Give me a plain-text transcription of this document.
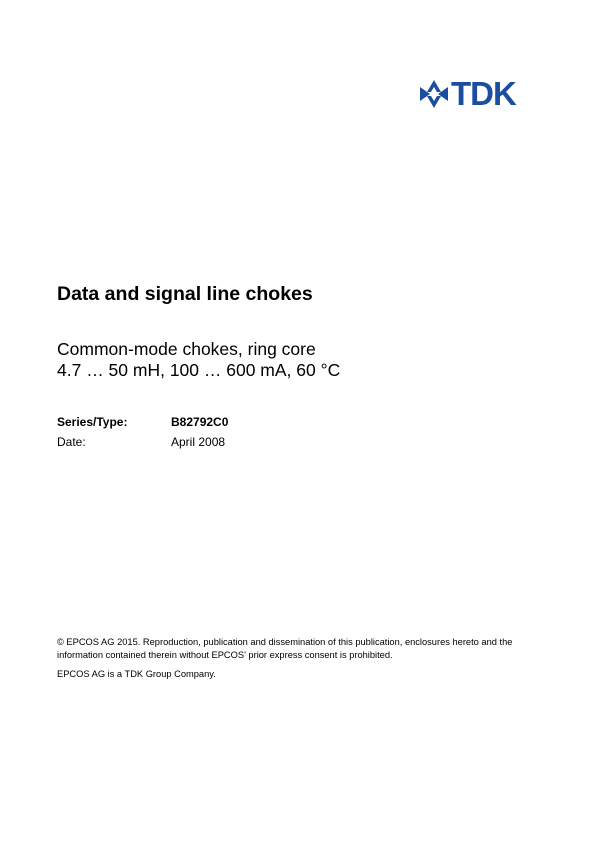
TDK
Data and signal line chokes
Common-mode chokes, ring core
4.7 … 50 mH, 100 … 600 mA, 60 °C
Series/Type:	B82792C0
Date:	April 2008
© EPCOS AG 2015. Reproduction, publication and dissemination of this publication, enclosures hereto and the information contained therein without EPCOS' prior express consent is prohibited.
EPCOS AG is a TDK Group Company.
